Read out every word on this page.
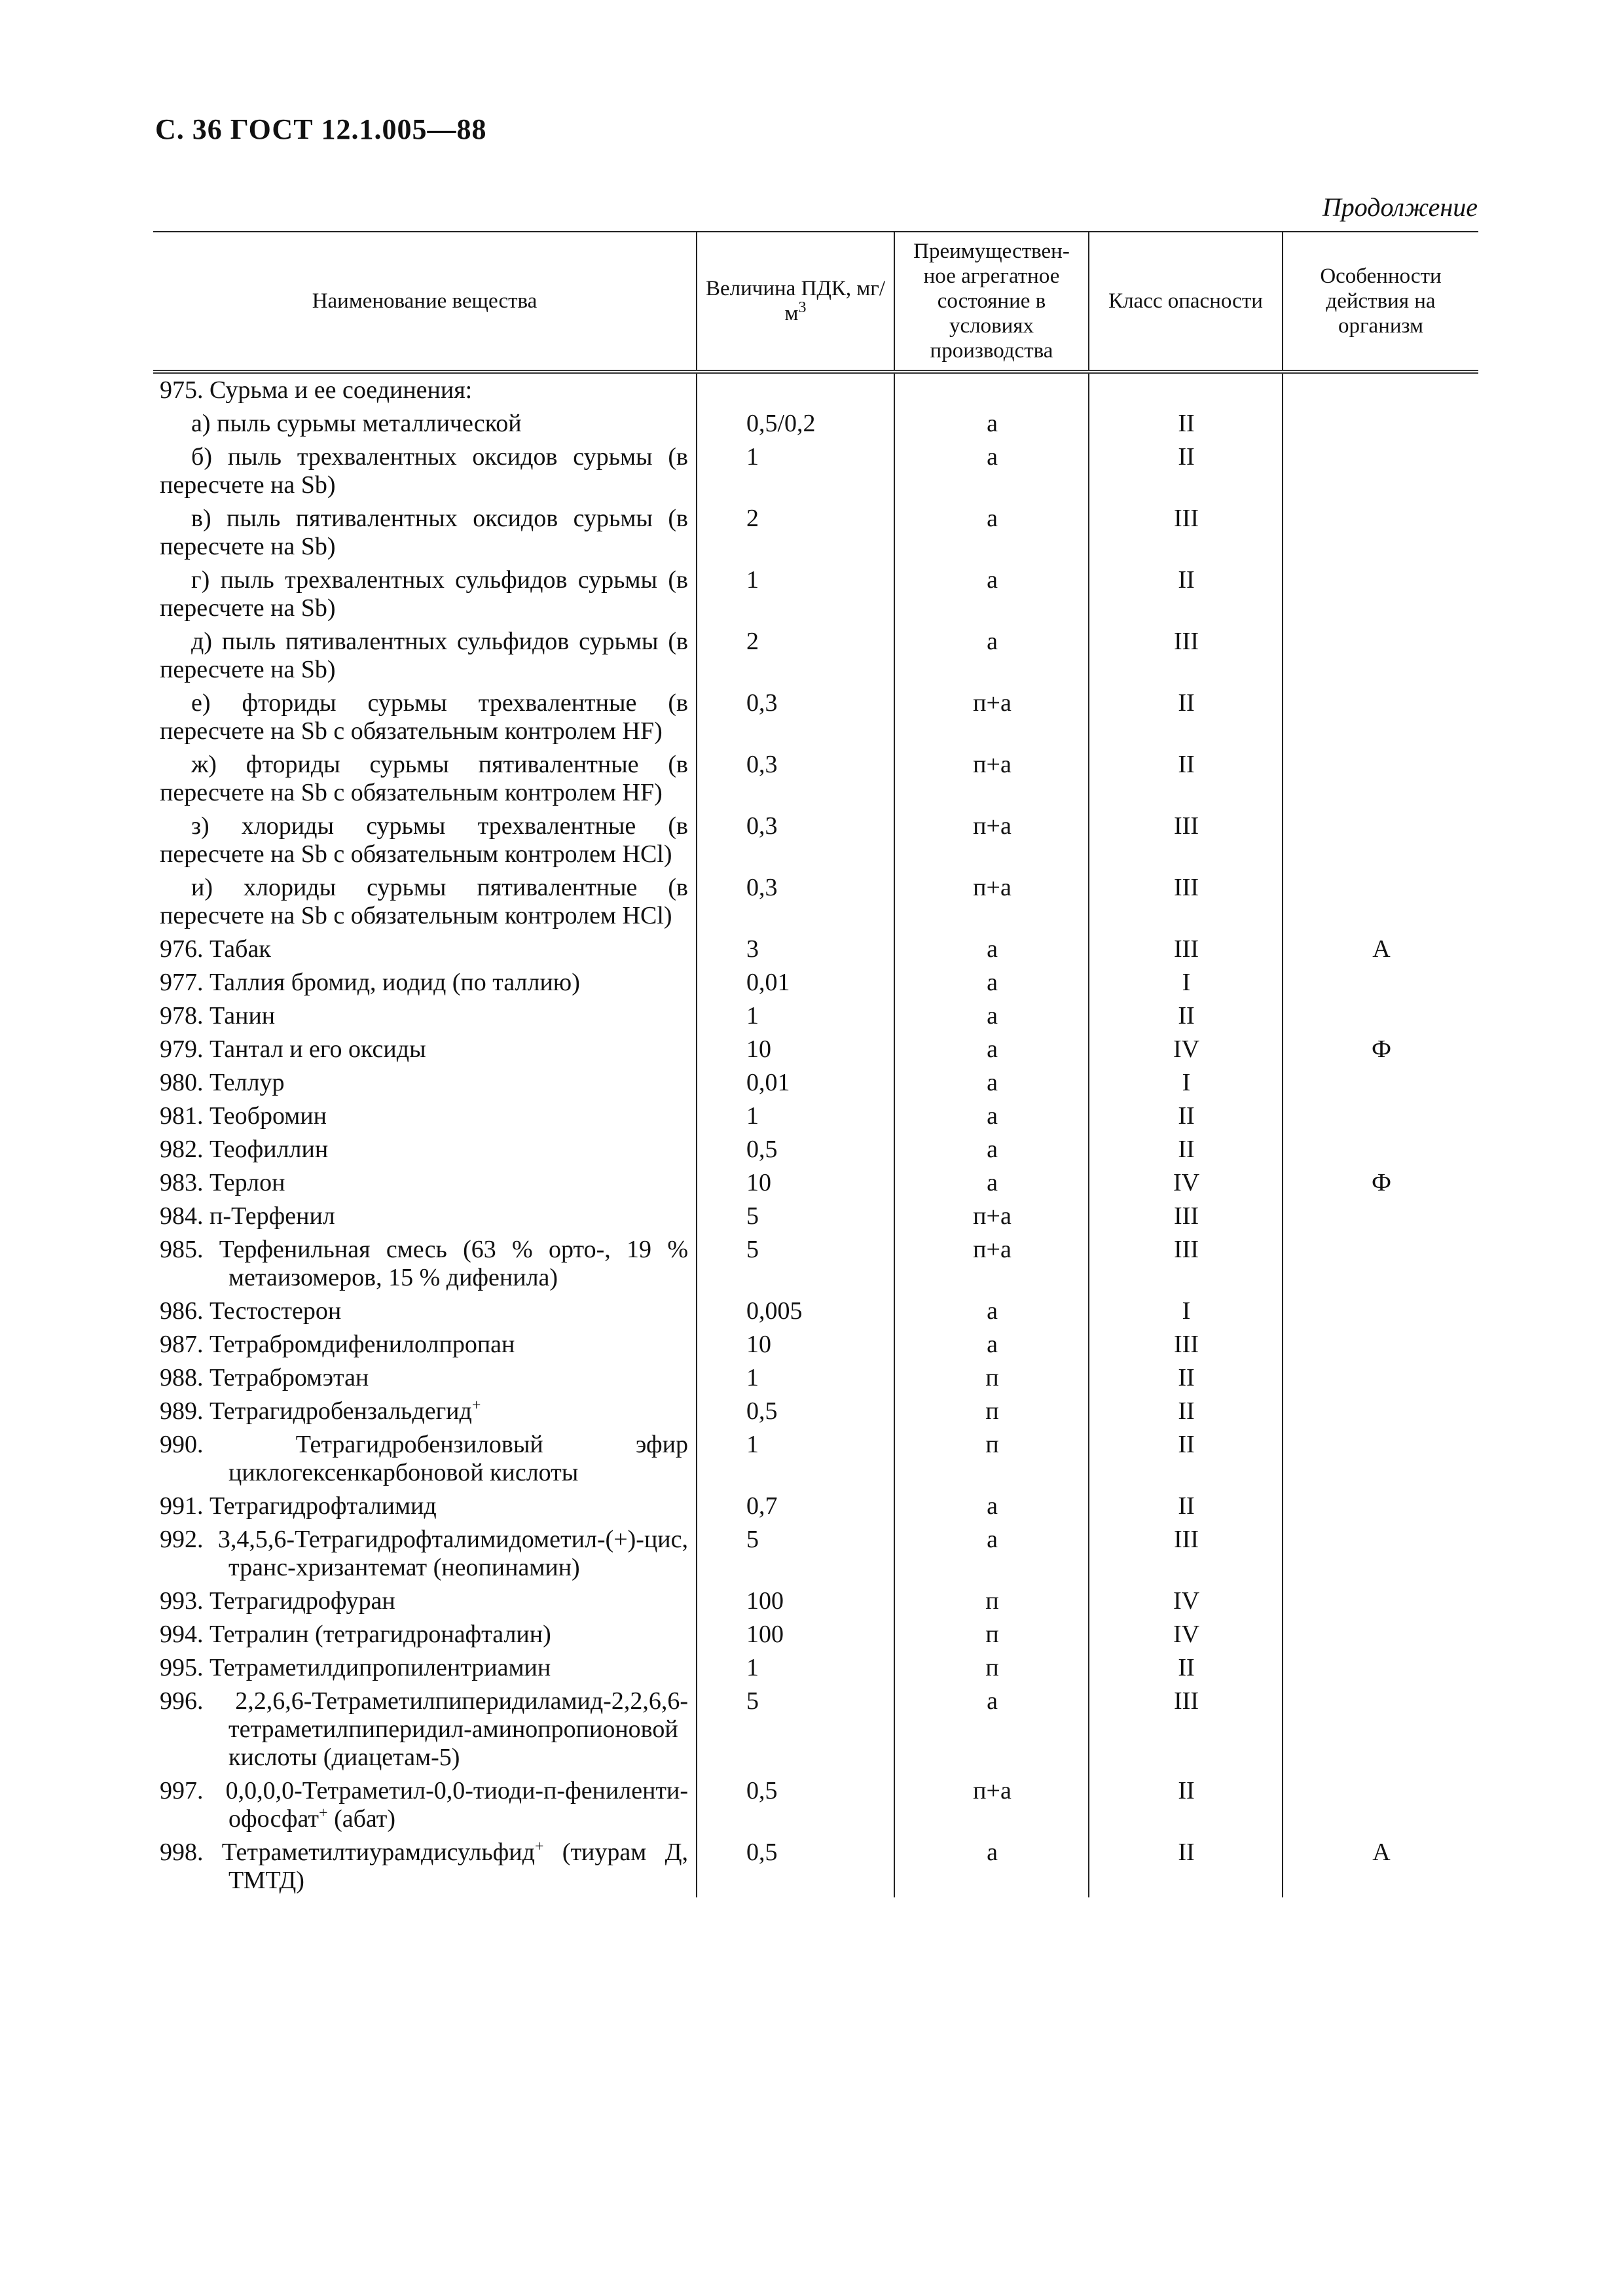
С. 36 ГОСТ 12.1.005—88
Продолжение
Наименование вещества	Величина ПДК, $мг/м^3$	Преимуществен-ное агрегатное состояние в условиях производства	Класс опасности	Особенности действия на организм

975. Сурьма и ее соединения:				

а) пыль сурьмы металлической	0,5/0,2	а	II	

б) пыль трехвалентных оксидов сурьмы (в пересчете на Sb)	1	а	II	

в) пыль пятивалентных оксидов сурьмы (в пересчете на Sb)	2	а	III	

г) пыль трехвалентных сульфидов сурьмы (в пересчете на Sb)	1	а	II	

д) пыль пятивалентных сульфидов сурьмы (в пересчете на Sb)	2	а	III	

е) фториды сурьмы трехвалентные (в пересчете на Sb с обязательным контролем HF)	0,3	п+а	II	

ж) фториды сурьмы пятивалентные (в пересчете на Sb с обязательным контролем HF)	0,3	п+а	II	

з) хлориды сурьмы трехвалентные (в пересчете на Sb с обязательным контролем HCl)	0,3	п+а	III	

и) хлориды сурьмы пятивалентные (в пересчете на Sb с обязательным контролем HCl)	0,3	п+а	III	

976. Табак	3	а	III	А

977. Таллия бромид, иодид (по таллию)	0,01	а	I	

978. Танин	1	а	II	

979. Тантал и его оксиды	10	а	IV	Ф

980. Теллур	0,01	а	I	

981. Теобромин	1	а	II	

982. Теофиллин	0,5	а	II	

983. Терлон	10	а	IV	Ф

984. п-Терфенил	5	п+а	III	

985. Терфенильная смесь (63 % орто-, 19 % метаизомеров, 15 % дифенила)	5	п+а	III	

986. Тестостерон	0,005	а	I	

987. Тетрабромдифенилолпропан	10	а	III	

988. Тетрабромэтан	1	п	II	

989. Тетрагидробензальдегид+	0,5	п	II	

990. Тетрагидробензиловый эфир циклогексенкарбоновой кислоты	1	п	II	

991. Тетрагидрофталимид	0,7	а	II	

992. 3,4,5,6-Тетрагидрофталимидометил-(+)-цис, транс-хризантемат (неопинамин)	5	а	III	

993. Тетрагидрофуран	100	п	IV	

994. Тетралин (тетрагидронафталин)	100	п	IV	

995. Тетраметилдипропилентриамин	1	п	II	

996. 2,2,6,6-Тетраметилпиперидиламид-2,2,6,6-тетраметилпиперидил-аминопропионовой кислоты (диацетам-5)	5	а	III	

997. 0,0,0,0-Тетраметил-0,0-тиоди-п-фенилентиофосфат+ (абат)	0,5	п+а	II	

998. Тетраметилтиурамдисульфид+ (тиурам Д, ТМТД)	0,5	а	II	А
